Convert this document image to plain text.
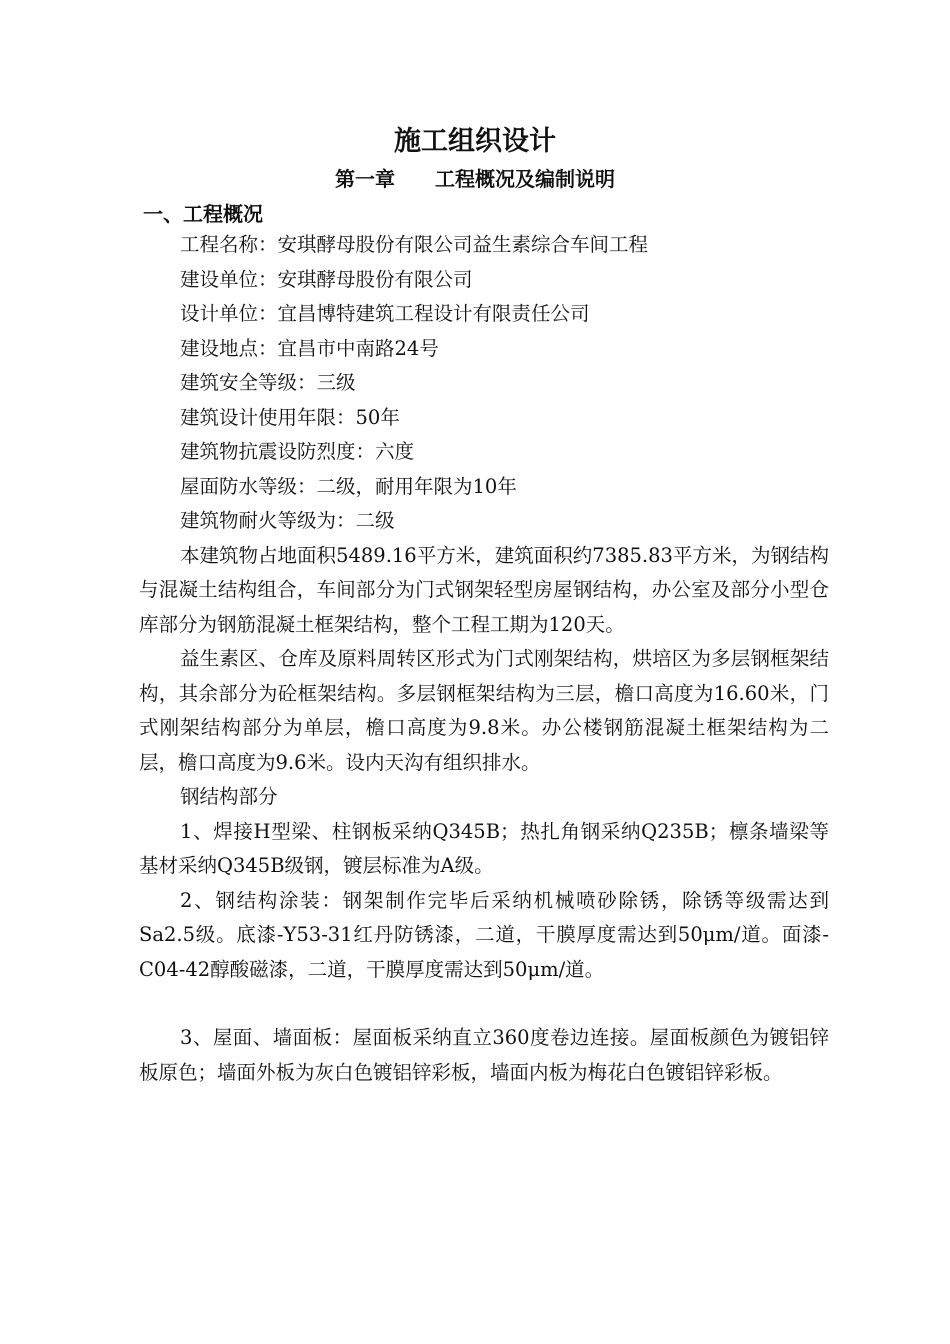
施工组织设计
第一章　　工程概况及编制说明
一、工程概况

工程名称：安琪酵母股份有限公司益生素综合车间工程

建设单位：安琪酵母股份有限公司

设计单位：宜昌博特建筑工程设计有限责任公司

建设地点：宜昌市中南路24号

建筑安全等级：三级

建筑设计使用年限：50年

建筑物抗震设防烈度：六度

屋面防水等级：二级，耐用年限为10年

建筑物耐火等级为：二级

本建筑物占地面积5489.16平方米，建筑面积约7385.83平方米，为钢结构与混凝土结构组合，车间部分为门式钢架轻型房屋钢结构，办公室及部分小型仓库部分为钢筋混凝土框架结构，整个工程工期为120天。

益生素区、仓库及原料周转区形式为门式刚架结构，烘培区为多层钢框架结构，其余部分为砼框架结构。多层钢框架结构为三层，檐口高度为16.60米，门式刚架结构部分为单层，檐口高度为9.8米。办公楼钢筋混凝土框架结构为二层，檐口高度为9.6米。设内天沟有组织排水。

钢结构部分

1、焊接H型梁、柱钢板采纳Q345B；热扎角钢采纳Q235B；檩条墙梁等基材采纳Q345B级钢，镀层标准为A级。

2、钢结构涂装：钢架制作完毕后采纳机械喷砂除锈，除锈等级需达到Sa2.5级。底漆-Y53-31红丹防锈漆，二道，干膜厚度需达到50μm/道。面漆-C04-42醇酸磁漆，二道，干膜厚度需达到50μm/道。

3、屋面、墙面板：屋面板采纳直立360度卷边连接。屋面板颜色为镀铝锌板原色；墙面外板为灰白色镀铝锌彩板，墙面内板为梅花白色镀铝锌彩板。
